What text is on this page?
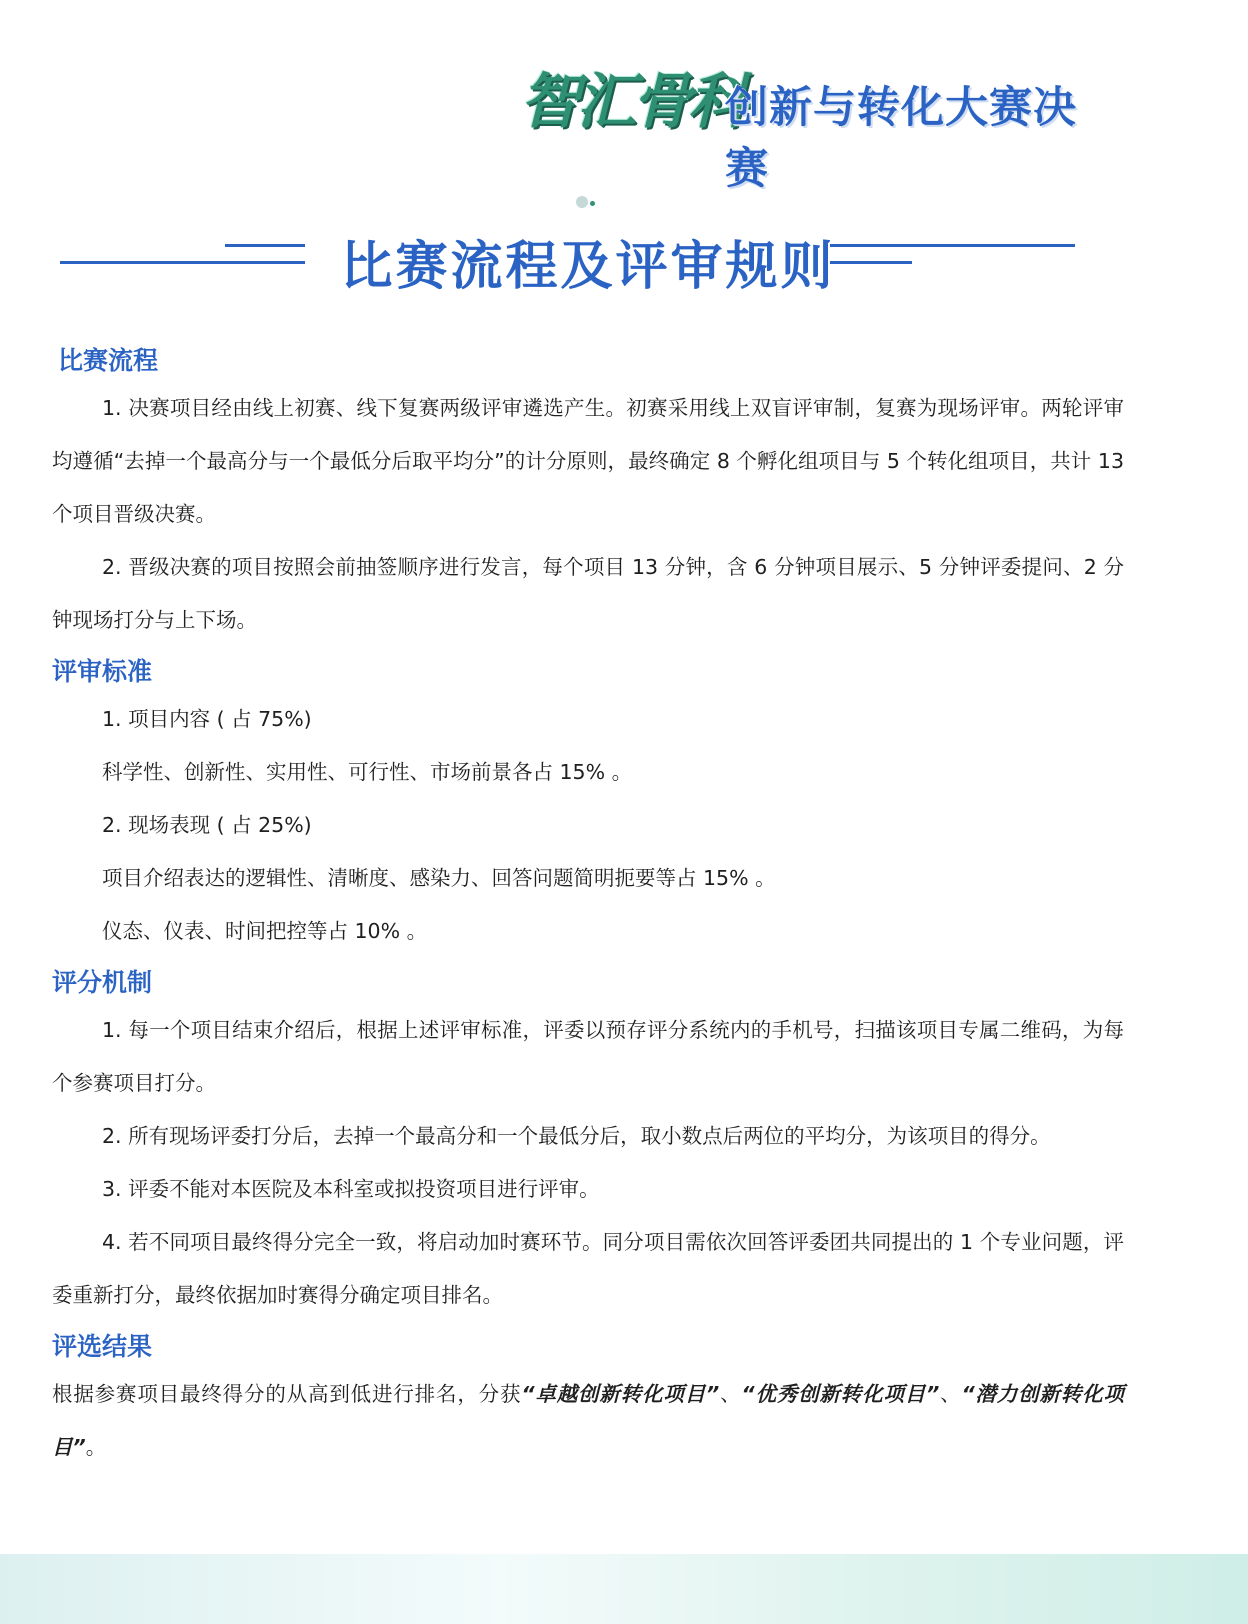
智汇骨科
创新与转化大赛决赛
比赛流程及评审规则
比赛流程

1. 决赛项目经由线上初赛、线下复赛两级评审遴选产生。初赛采用线上双盲评审制，复赛为现场评审。两轮评审均遵循“去掉一个最高分与一个最低分后取平均分”的计分原则，最终确定 8 个孵化组项目与 5 个转化组项目，共计 13 个项目晋级决赛。

2. 晋级决赛的项目按照会前抽签顺序进行发言，每个项目 13 分钟，含 6 分钟项目展示、5 分钟评委提问、2 分钟现场打分与上下场。

评审标准

1. 项目内容 ( 占 75%)

科学性、创新性、实用性、可行性、市场前景各占 15% 。

2. 现场表现 ( 占 25%)

项目介绍表达的逻辑性、清晰度、感染力、回答问题简明扼要等占 15% 。

仪态、仪表、时间把控等占 10% 。

评分机制

1. 每一个项目结束介绍后，根据上述评审标准，评委以预存评分系统内的手机号，扫描该项目专属二维码，为每个参赛项目打分。

2. 所有现场评委打分后，去掉一个最高分和一个最低分后，取小数点后两位的平均分，为该项目的得分。

3. 评委不能对本医院及本科室或拟投资项目进行评审。

4. 若不同项目最终得分完全一致，将启动加时赛环节。同分项目需依次回答评委团共同提出的 1 个专业问题，评委重新打分，最终依据加时赛得分确定项目排名。

评选结果

根据参赛项目最终得分的从高到低进行排名，分获“卓越创新转化项目”、“优秀创新转化项目”、“潜力创新转化项目”。
